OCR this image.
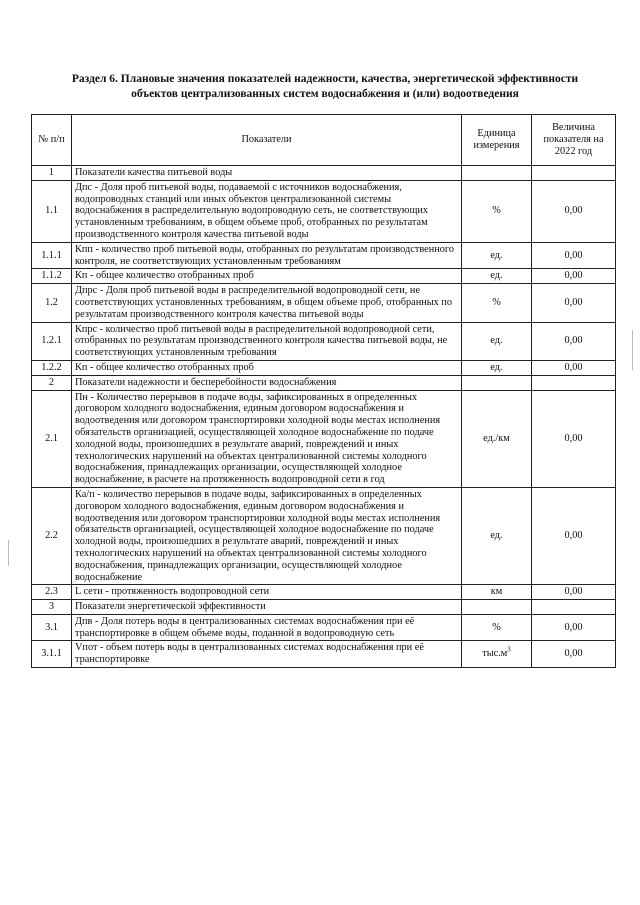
Раздел 6. Плановые значения показателей надежности, качества, энергетической эффективности
объектов централизованных систем водоснабжения и (или) водоотведения
№ п/п	Показатели	Единица измерения	Величина показателя на 2022 год
1	Показатели качества питьевой воды		
1.1	Дпс - Доля проб питьевой воды, подаваемой с источников водоснабжения, водопроводных станций или иных объектов централизованной системы водоснабжения в распределительную водопроводную сеть, не соответствующих установленным требованиям, в общем объеме проб, отобранных по результатам производственного контроля качества питьевой воды	%	0,00
1.1.1	Кпп - количество проб питьевой воды, отобранных по результатам производственного контроля, не соответствующих установленным требованиям	ед.	0,00
1.1.2	Кп - общее количество отобранных проб	ед.	0,00
1.2	Дпрс - Доля проб питьевой воды в распределительной водопроводной сети, не соответствующих установленных требованиям, в общем объеме проб, отобранных по результатам производственного контроля качества питьевой воды	%	0,00
1.2.1	Кпрс - количество проб питьевой воды в распределительной водопроводной сети, отобранных по результатам производственного контроля качества питьевой воды, не соответствующих установленным требования	ед.	0,00
1.2.2	Кп - общее количество отобранных проб	ед.	0,00
2	Показатели надежности и бесперебойности водоснабжения		
2.1	Пн - Количество перерывов в подаче воды, зафиксированных в определенных договором холодного водоснабжения, единым договором водоснабжения и водоотведения или договором транспортировки холодной воды местах исполнения обязательств организацией, осуществляющей холодное водоснабжение по подаче холодной воды, произошедших в результате аварий, повреждений и иных технологических нарушений на объектах централизованной системы холодного водоснабжения, принадлежащих организации, осуществляющей холодное водоснабжение, в расчете на протяженность водопроводной сети в год	ед./км	0,00
2.2	Ка/п - количество перерывов в подаче воды, зафиксированных в определенных договором холодного водоснабжения, единым договором водоснабжения и водоотведения или договором транспортировки холодной воды местах исполнения обязательств организацией, осуществляющей холодное водоснабжение по подаче холодной воды, произошедших в результате аварий, повреждений и иных технологических нарушений на объектах централизованной системы холодного водоснабжения, принадлежащих организации, осуществляющей холодное водоснабжение	ед.	0,00
2.3	L сети - протяженность водопроводной сети	км	0,00
3	Показатели энергетической эффективности		
3.1	Дпв - Доля потерь воды в централизованных системах водоснабжения при её транспортировке в общем объеме воды, поданной в водопроводную сеть	%	0,00
3.1.1	Vпот - объем потерь воды в централизованных системах водоснабжения при её транспортировке	$тыс.м^3$	0,00
